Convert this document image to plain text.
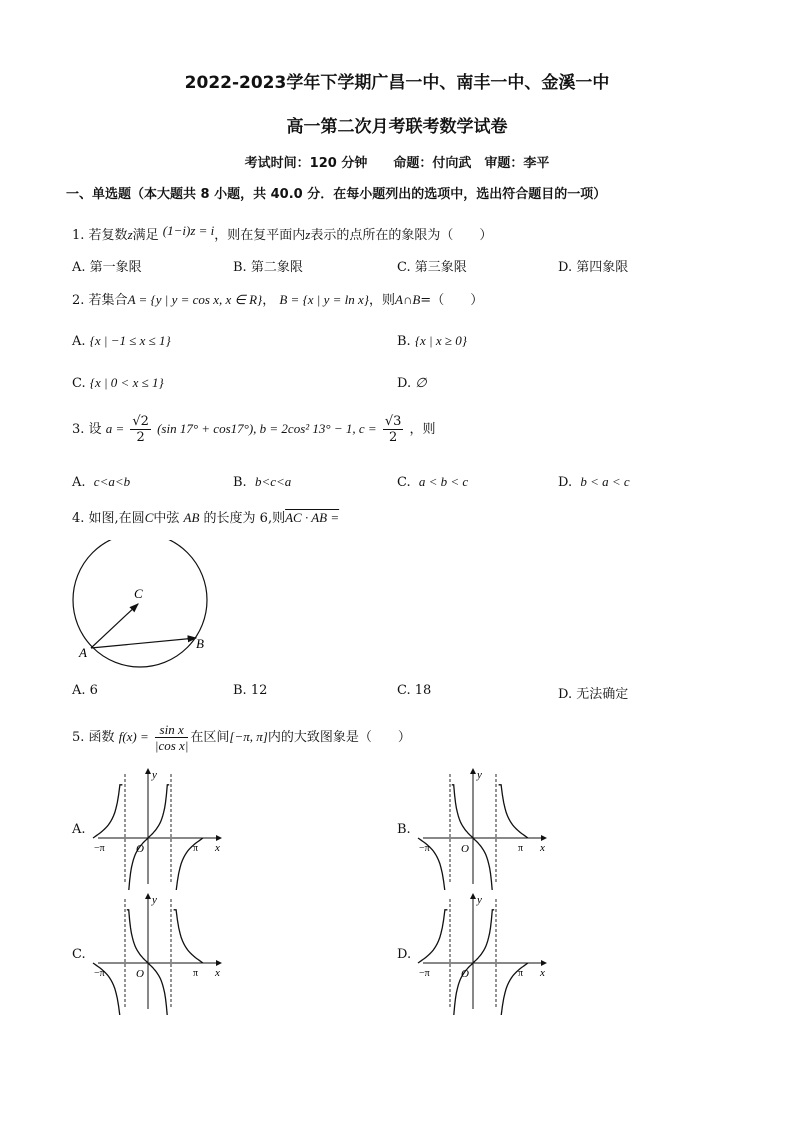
2022-2023学年下学期广昌一中、南丰一中、金溪一中
高一第二次月考联考数学试卷
考试时间：120 分钟　　命题：付向武　审题：李平
一、单选题（本大题共 8 小题，共 40.0 分．在每小题列出的选项中，选出符合题目的一项）
1. 若复数z满足 (1−i)z = i，则在复平面内z表示的点所在的象限为（　　）
A. 第一象限	B. 第二象限	C. 第三象限	D. 第四象限
2. 若集合A = {y | y = cos x, x ∈ R}， B = {x | y = ln x}，则A∩B=（　　）
A. {x | −1 ≤ x ≤ 1}	B. {x | x ≥ 0}
C. {x | 0 < x ≤ 1}	D. ∅
3. 设 $a = \frac{√2}{2} (\sin$ 17° + cos17°), b = 2cos² 13° − 1, $c = \frac{√3}{2}$ ，则
A. c<a<b	B. b<c<a	C. a < b < c	D. b < a < c
4. 如图,在圆C中弦 AB 的长度为 6,则AC · AB =
C
A
B
A. 6	B. 12	C. 18	D. 无法确定
5. 函数 $f(x) = \frac{\text{sin x}}{\text{|cos x|}}$ 在区间[−π, π]内的大致图象是（　　）
A.	B.
C.	D.
y
x
O
−π	π
y
x
O
−π	π
y
x
O
−π	π
y
x
O
−π	π
